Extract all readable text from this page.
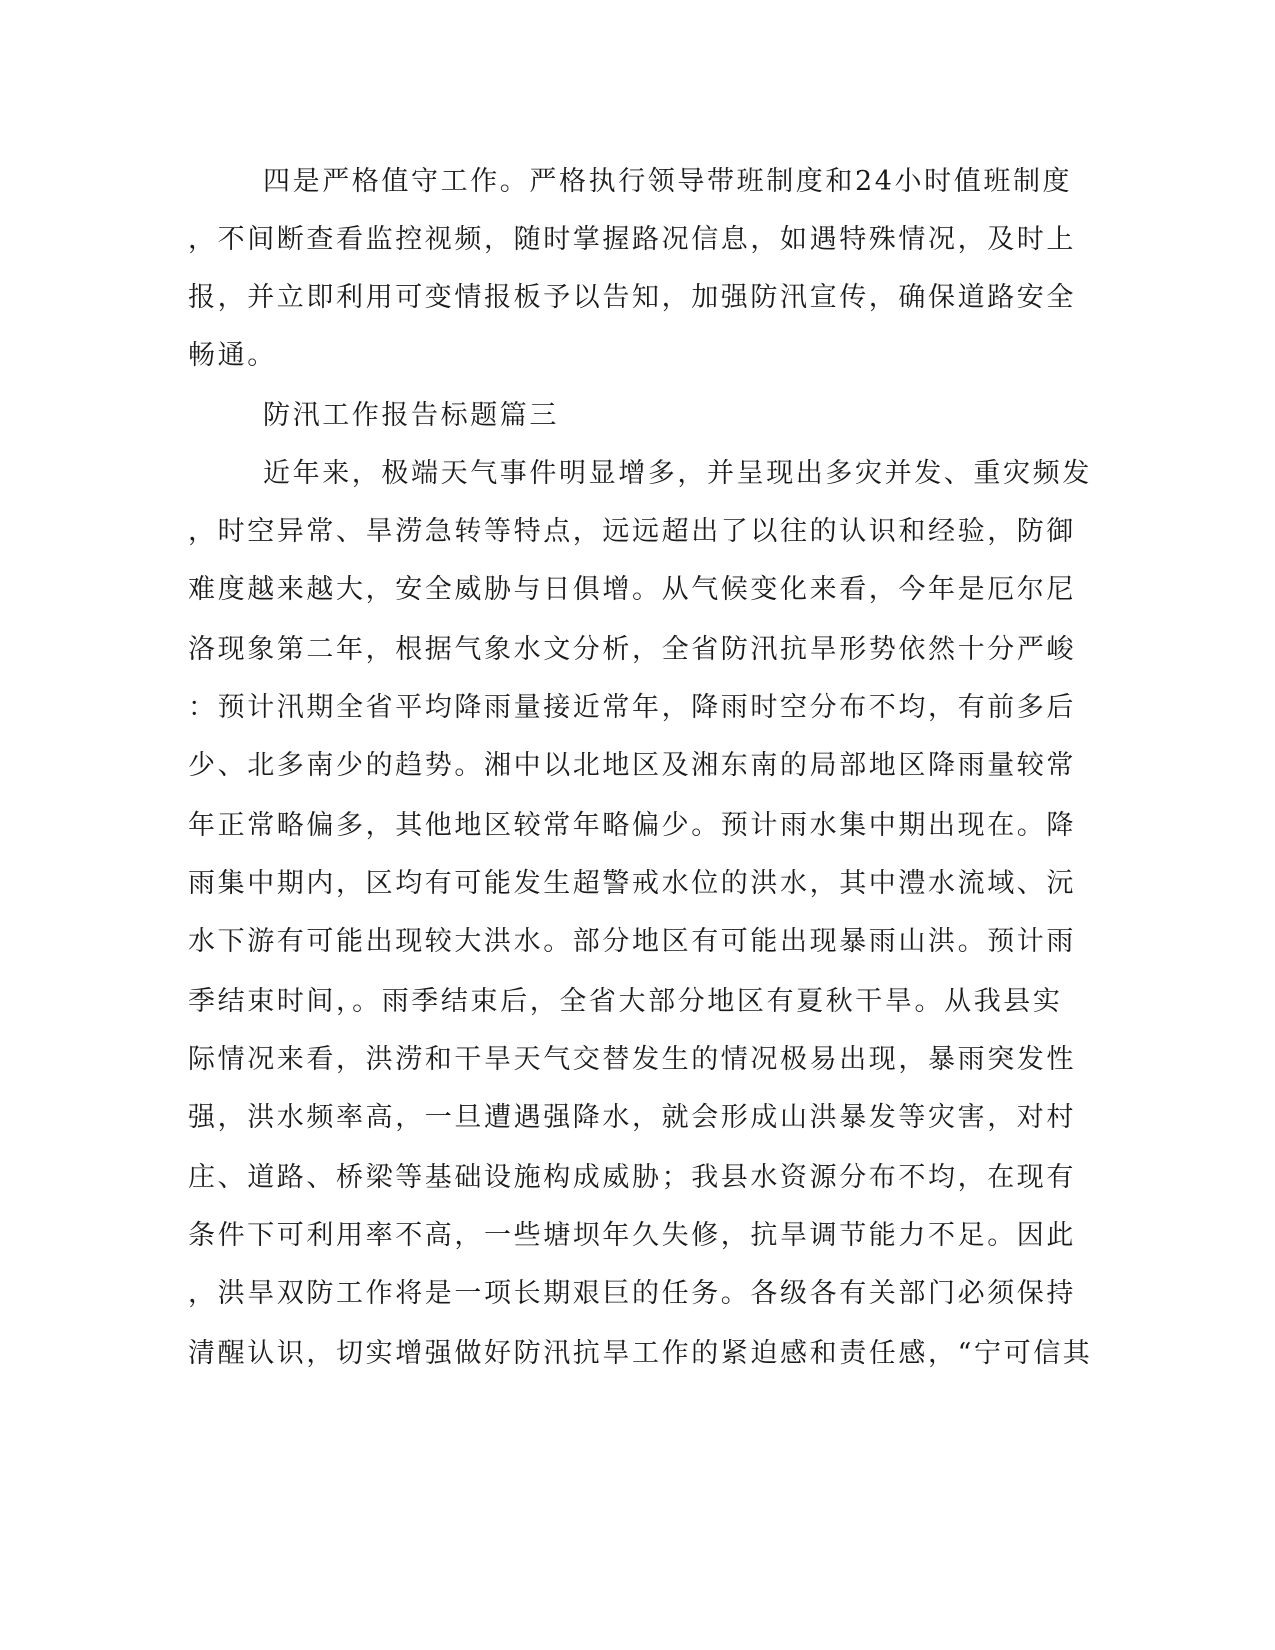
四是严格值守工作。严格执行领导带班制度和24小时值班制度
，不间断查看监控视频，随时掌握路况信息，如遇特殊情况，及时上
报，并立即利用可变情报板予以告知，加强防汛宣传，确保道路安全
畅通。
防汛工作报告标题篇三
近年来，极端天气事件明显增多，并呈现出多灾并发、重灾频发
，时空异常、旱涝急转等特点，远远超出了以往的认识和经验，防御
难度越来越大，安全威胁与日俱增。从气候变化来看，今年是厄尔尼
洛现象第二年，根据气象水文分析，全省防汛抗旱形势依然十分严峻
：预计汛期全省平均降雨量接近常年，降雨时空分布不均，有前多后
少、北多南少的趋势。湘中以北地区及湘东南的局部地区降雨量较常
年正常略偏多，其他地区较常年略偏少。预计雨水集中期出现在。降
雨集中期内，区均有可能发生超警戒水位的洪水，其中澧水流域、沅
水下游有可能出现较大洪水。部分地区有可能出现暴雨山洪。预计雨
季结束时间，。雨季结束后，全省大部分地区有夏秋干旱。从我县实
际情况来看，洪涝和干旱天气交替发生的情况极易出现，暴雨突发性
强，洪水频率高，一旦遭遇强降水，就会形成山洪暴发等灾害，对村
庄、道路、桥梁等基础设施构成威胁；我县水资源分布不均，在现有
条件下可利用率不高，一些塘坝年久失修，抗旱调节能力不足。因此
，洪旱双防工作将是一项长期艰巨的任务。各级各有关部门必须保持
清醒认识，切实增强做好防汛抗旱工作的紧迫感和责任感，“宁可信其
